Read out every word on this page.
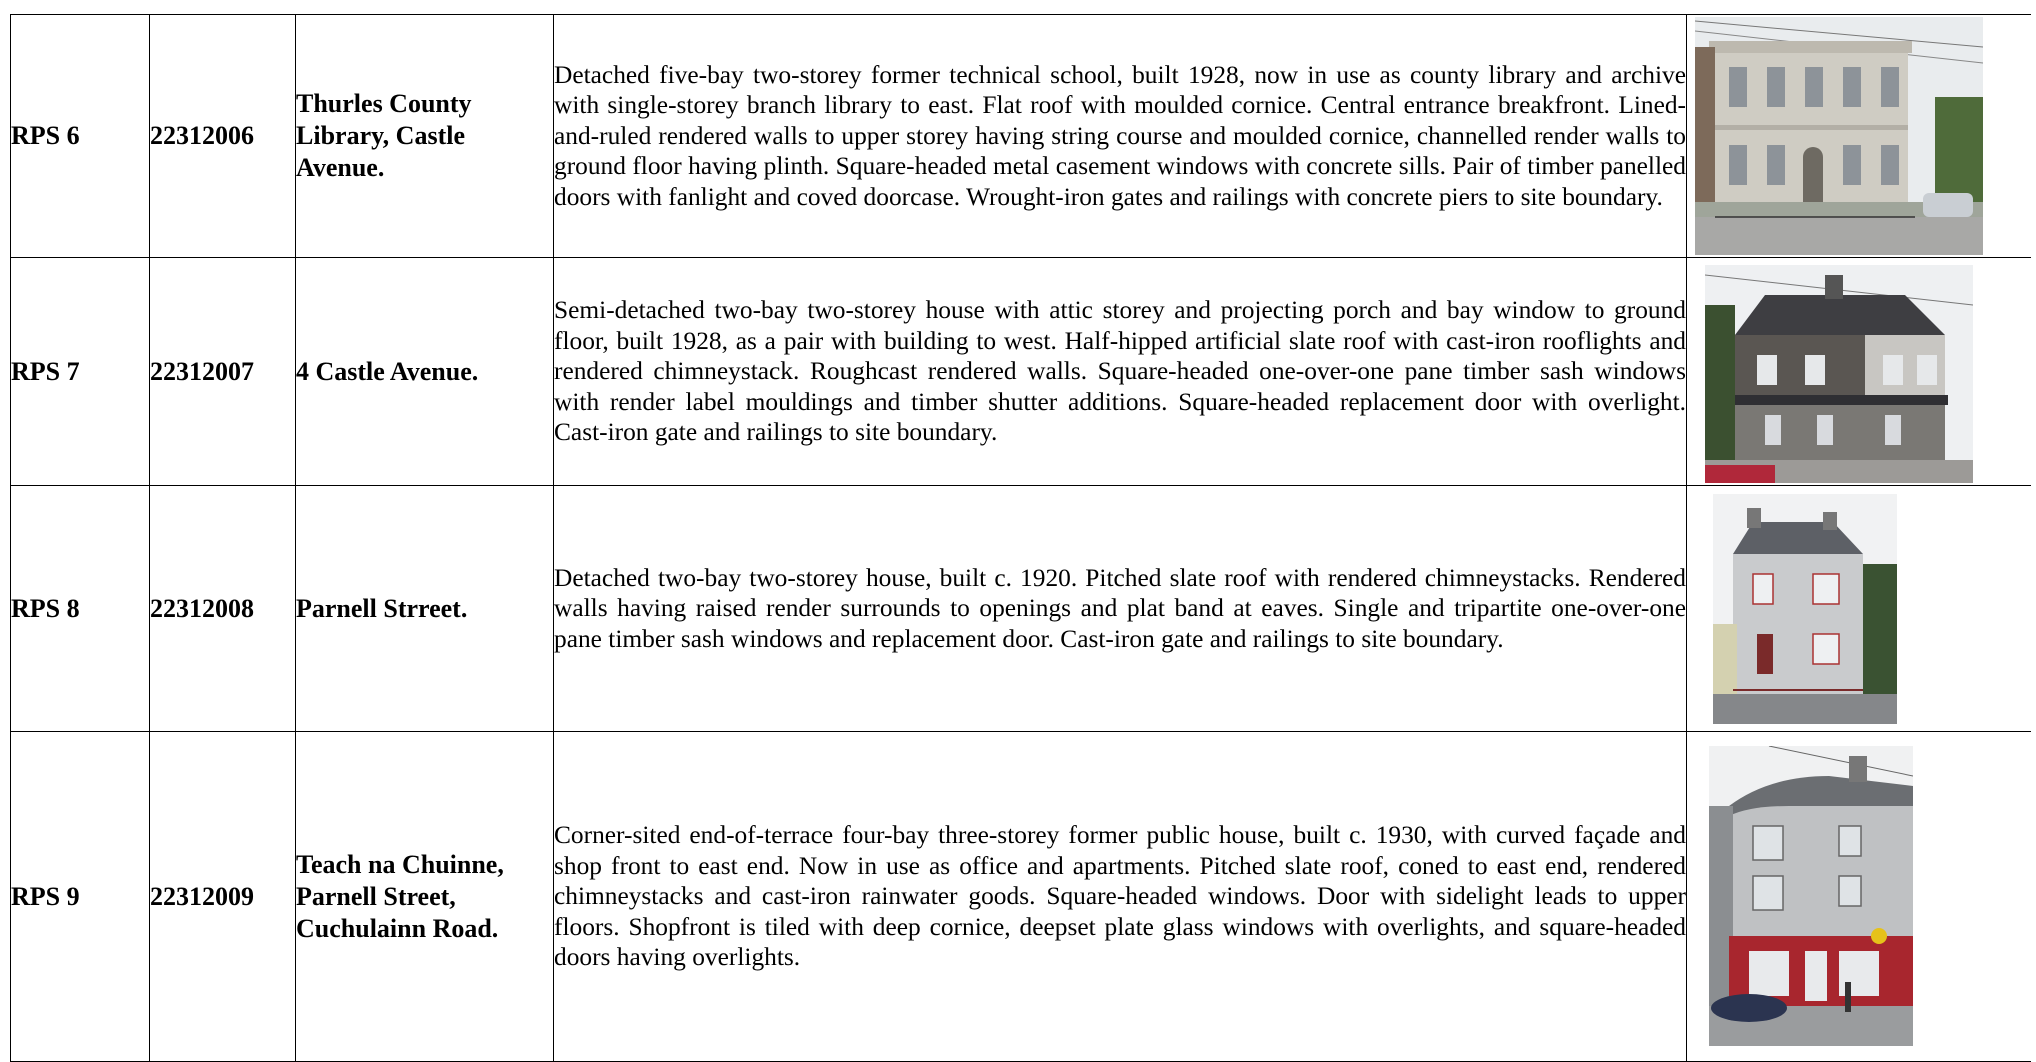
RPS 6	22312006	Thurles County Library, Castle Avenue.	Detached five-bay two-storey former technical school, built 1928, now in use as county library and archive with single-storey branch library to east. Flat roof with moulded cornice. Central entrance breakfront. Lined-and-ruled rendered walls to upper storey having string course and moulded cornice, channelled render walls to ground floor having plinth. Square-headed metal casement windows with concrete sills. Pair of timber panelled doors with fanlight and coved doorcase. Wrought-iron gates and railings with concrete piers to site boundary.	

RPS 7	22312007	4 Castle Avenue.	Semi-detached two-bay two-storey house with attic storey and projecting porch and bay window to ground floor, built 1928, as a pair with building to west. Half-hipped artificial slate roof with cast-iron rooflights and rendered chimneystack. Roughcast rendered walls. Square-headed one-over-one pane timber sash windows with render label mouldings and timber shutter additions. Square-headed replacement door with overlight. Cast-iron gate and railings to site boundary.	

RPS 8	22312008	Parnell Strreet.	Detached two-bay two-storey house, built c. 1920. Pitched slate roof with rendered chimneystacks. Rendered walls having raised render surrounds to openings and plat band at eaves. Single and tripartite one-over-one pane timber sash windows and replacement door. Cast-iron gate and railings to site boundary.	

RPS 9	22312009	Teach na Chuinne, Parnell Street, Cuchulainn Road.	Corner-sited end-of-terrace four-bay three-storey former public house, built c. 1930, with curved façade and shop front to east end. Now in use as office and apartments. Pitched slate roof, coned to east end, rendered chimneystacks and cast-iron rainwater goods. Square-headed windows. Door with sidelight leads to upper floors. Shopfront is tiled with deep cornice, deepset plate glass windows with overlights, and square-headed doors having overlights.	
